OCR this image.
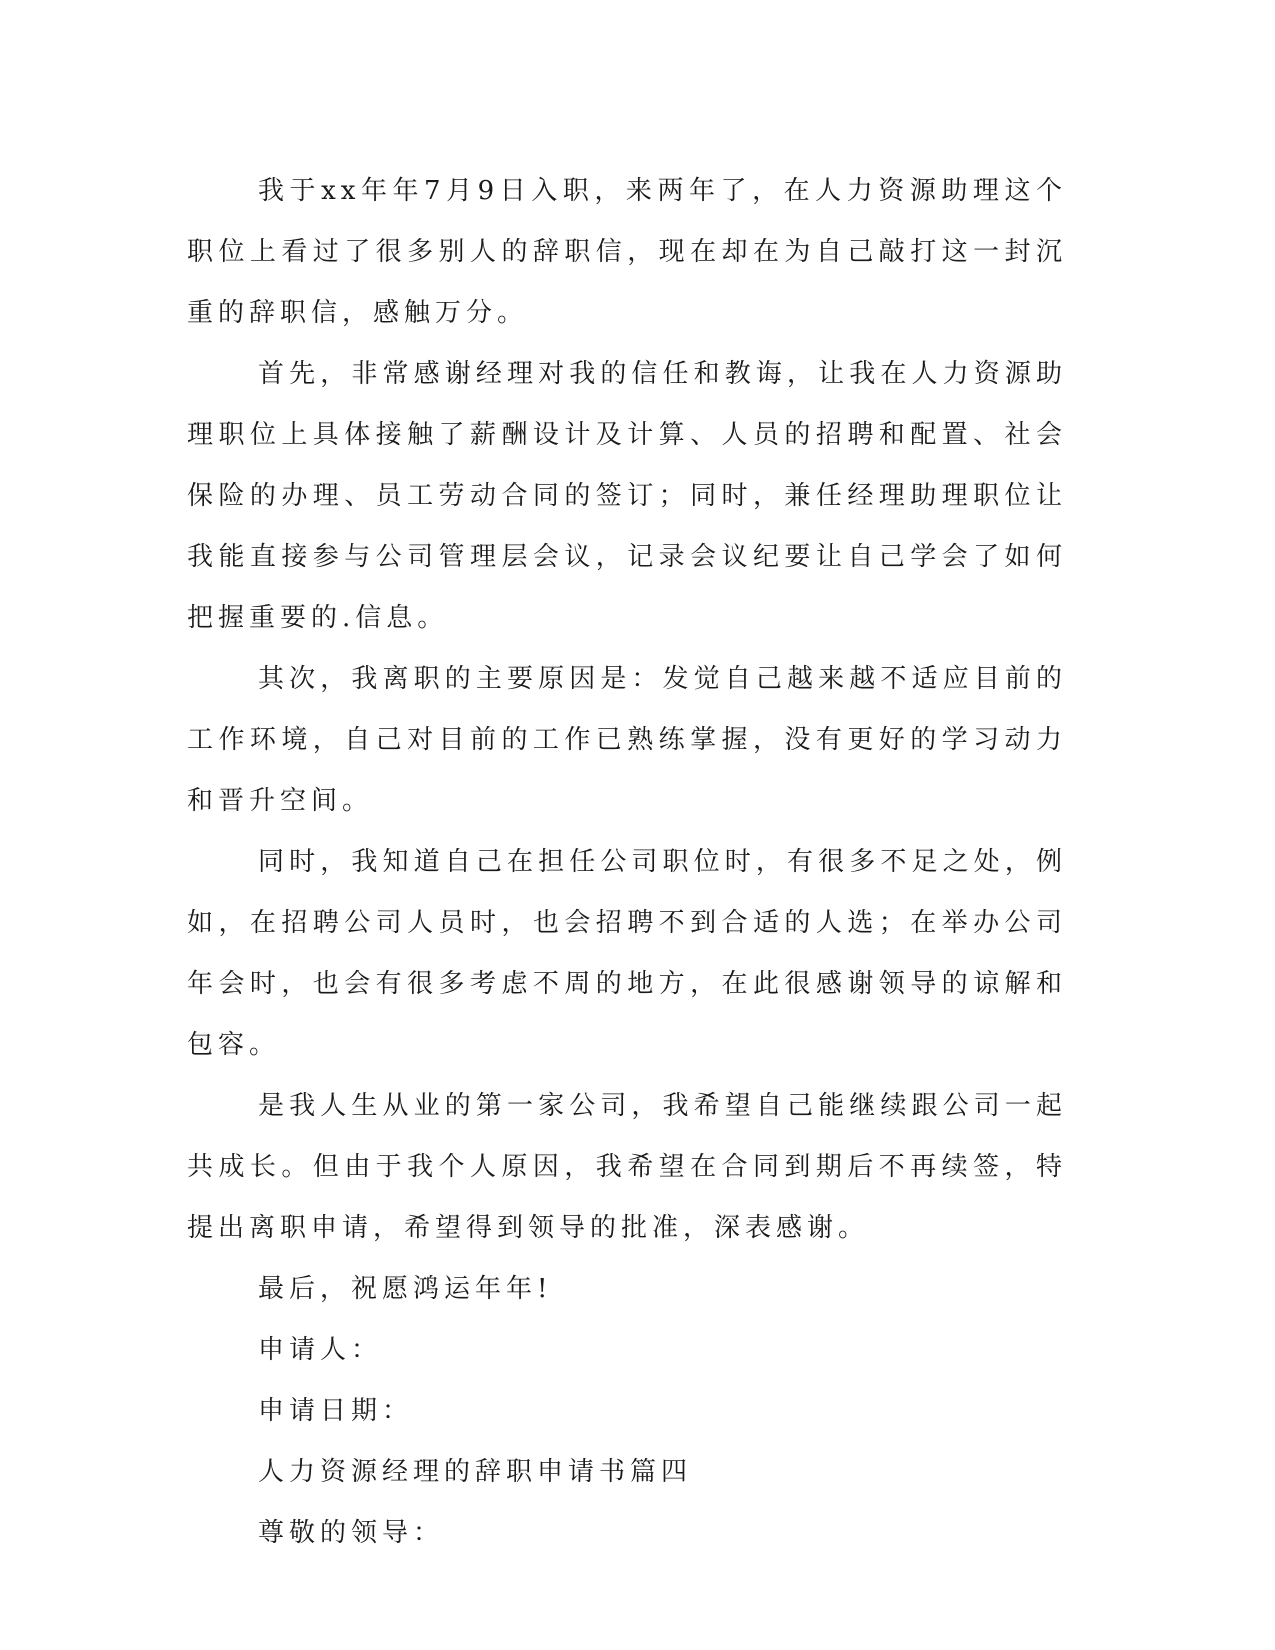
我于xx年年7月9日入职，来两年了，在人力资源助理这个职位上看过了很多别人的辞职信，现在却在为自己敲打这一封沉重的辞职信，感触万分。

首先，非常感谢经理对我的信任和教诲，让我在人力资源助理职位上具体接触了薪酬设计及计算、人员的招聘和配置、社会保险的办理、员工劳动合同的签订；同时，兼任经理助理职位让我能直接参与公司管理层会议，记录会议纪要让自己学会了如何把握重要的.信息。

其次，我离职的主要原因是：发觉自己越来越不适应目前的工作环境，自己对目前的工作已熟练掌握，没有更好的学习动力和晋升空间。

同时，我知道自己在担任公司职位时，有很多不足之处，例如，在招聘公司人员时，也会招聘不到合适的人选；在举办公司年会时，也会有很多考虑不周的地方，在此很感谢领导的谅解和包容。

是我人生从业的第一家公司，我希望自己能继续跟公司一起共成长。但由于我个人原因，我希望在合同到期后不再续签，特提出离职申请，希望得到领导的批准，深表感谢。

最后，祝愿鸿运年年!

申请人：

申请日期：

人力资源经理的辞职申请书篇四

尊敬的领导：
